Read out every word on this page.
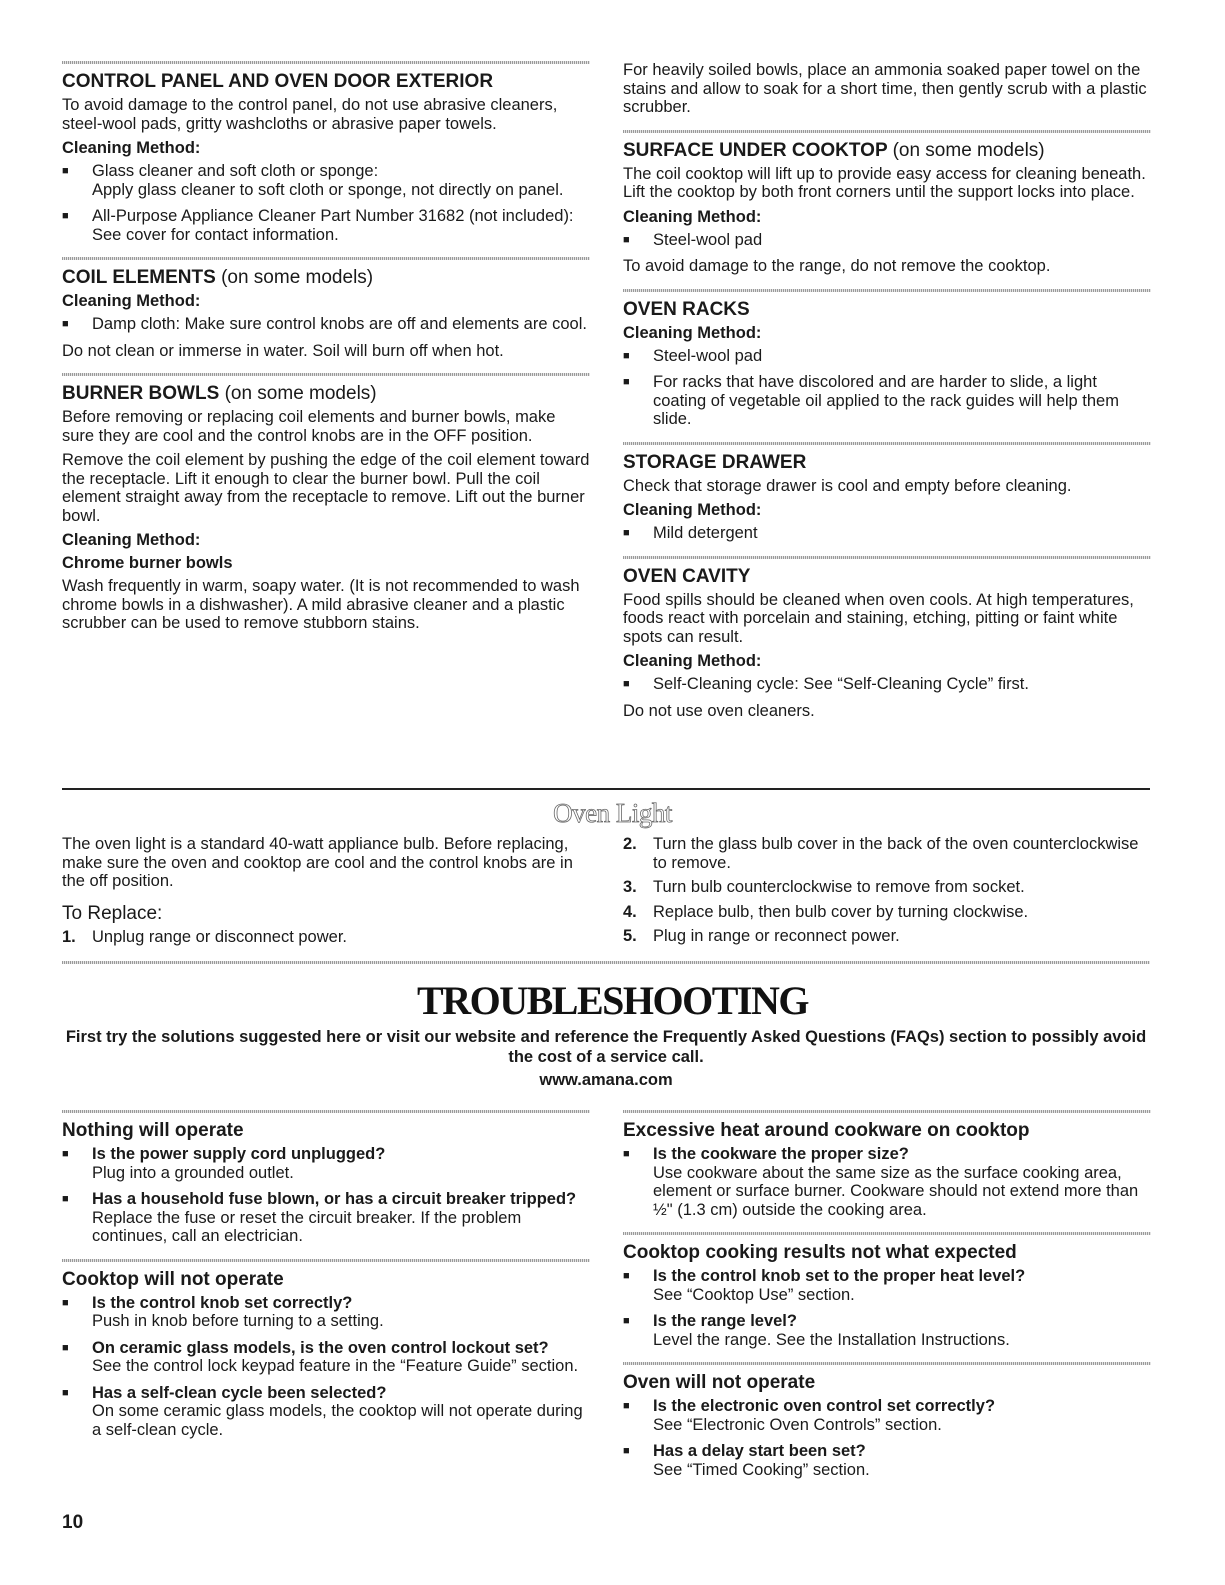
CONTROL PANEL AND OVEN DOOR EXTERIOR
To avoid damage to the control panel, do not use abrasive cleaners, steel-wool pads, gritty washcloths or abrasive paper towels.
Cleaning Method:
■	Glass cleaner and soft cloth or sponge:
Apply glass cleaner to soft cloth or sponge, not directly on panel.
■	All-Purpose Appliance Cleaner Part Number 31682 (not included):
See cover for contact information.
COIL ELEMENTS (on some models)
Cleaning Method:
■	Damp cloth: Make sure control knobs are off and elements are cool.
Do not clean or immerse in water. Soil will burn off when hot.
BURNER BOWLS (on some models)
Before removing or replacing coil elements and burner bowls, make sure they are cool and the control knobs are in the OFF position.
Remove the coil element by pushing the edge of the coil element toward the receptacle. Lift it enough to clear the burner bowl. Pull the coil element straight away from the receptacle to remove. Lift out the burner bowl.
Cleaning Method:
Chrome burner bowls
Wash frequently in warm, soapy water. (It is not recommended to wash chrome bowls in a dishwasher). A mild abrasive cleaner and a plastic scrubber can be used to remove stubborn stains.
For heavily soiled bowls, place an ammonia soaked paper towel on the stains and allow to soak for a short time, then gently scrub with a plastic scrubber.
SURFACE UNDER COOKTOP (on some models)
The coil cooktop will lift up to provide easy access for cleaning beneath. Lift the cooktop by both front corners until the support locks into place.
Cleaning Method:
■	Steel-wool pad
To avoid damage to the range, do not remove the cooktop.
OVEN RACKS
Cleaning Method:
■	Steel-wool pad
■	For racks that have discolored and are harder to slide, a light coating of vegetable oil applied to the rack guides will help them slide.
STORAGE DRAWER
Check that storage drawer is cool and empty before cleaning.
Cleaning Method:
■	Mild detergent
OVEN CAVITY
Food spills should be cleaned when oven cools. At high temperatures, foods react with porcelain and staining, etching, pitting or faint white spots can result.
Cleaning Method:
■	Self-Cleaning cycle: See “Self-Cleaning Cycle” first.
Do not use oven cleaners.
Oven Light
The oven light is a standard 40-watt appliance bulb. Before replacing, make sure the oven and cooktop are cool and the control knobs are in the off position.
To Replace:
1. Unplug range or disconnect power.
2. Turn the glass bulb cover in the back of the oven counterclockwise to remove.
3. Turn bulb counterclockwise to remove from socket.
4. Replace bulb, then bulb cover by turning clockwise.
5. Plug in range or reconnect power.
TROUBLESHOOTING
First try the solutions suggested here or visit our website and reference the Frequently Asked Questions (FAQs) section to possibly avoid the cost of a service call.
www.amana.com
Nothing will operate
■	Is the power supply cord unplugged?
Plug into a grounded outlet.
■	Has a household fuse blown, or has a circuit breaker tripped?
Replace the fuse or reset the circuit breaker. If the problem continues, call an electrician.
Cooktop will not operate
■	Is the control knob set correctly?
Push in knob before turning to a setting.
■	On ceramic glass models, is the oven control lockout set?
See the control lock keypad feature in the “Feature Guide” section.
■	Has a self-clean cycle been selected?
On some ceramic glass models, the cooktop will not operate during a self-clean cycle.
Excessive heat around cookware on cooktop
■	Is the cookware the proper size?
Use cookware about the same size as the surface cooking area, element or surface burner. Cookware should not extend more than ½" (1.3 cm) outside the cooking area.
Cooktop cooking results not what expected
■	Is the control knob set to the proper heat level?
See “Cooktop Use” section.
■	Is the range level?
Level the range. See the Installation Instructions.
Oven will not operate
■	Is the electronic oven control set correctly?
See “Electronic Oven Controls” section.
■	Has a delay start been set?
See “Timed Cooking” section.
10
